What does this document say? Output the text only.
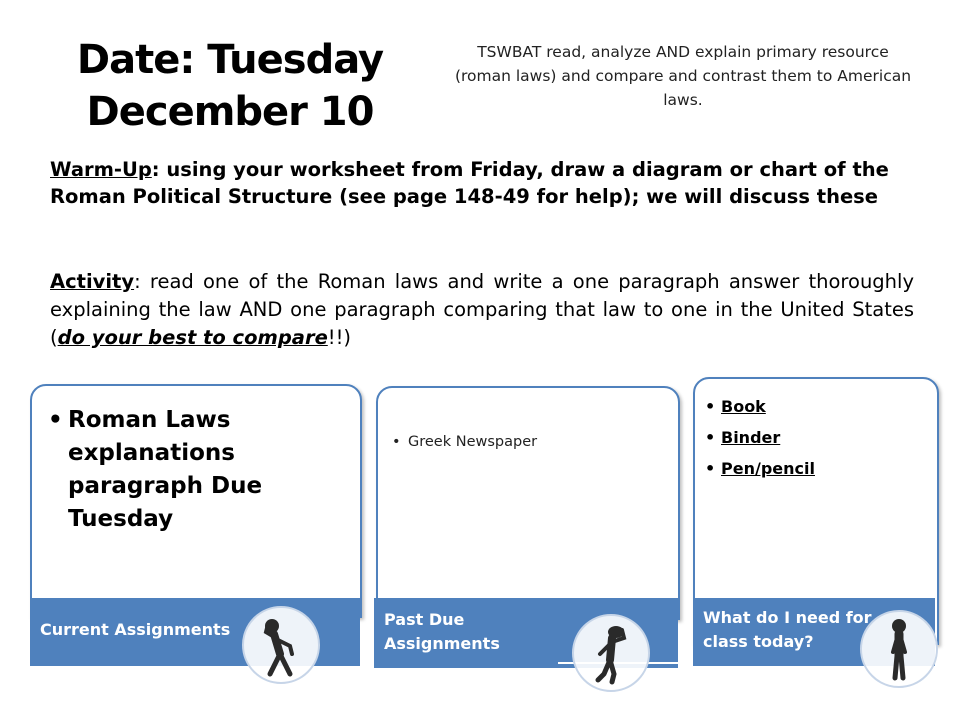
Date: Tuesday
December 10
TSWBAT read, analyze AND explain primary resource (roman laws) and compare and contrast them to American laws.
Warm-Up: using your worksheet from Friday, draw a diagram or chart of the Roman Political Structure (see page 148-49 for help); we will discuss these
Activity: read one of the Roman laws and write a one paragraph answer thoroughly explaining the law AND one paragraph comparing that law to one in the United States (do your best to compare!!)
• Roman Laws explanations paragraph Due Tuesday
Current Assignments
• Greek Newspaper
Past Due Assignments
• Book
• Binder
• Pen/pencil
What do I need for class today?
